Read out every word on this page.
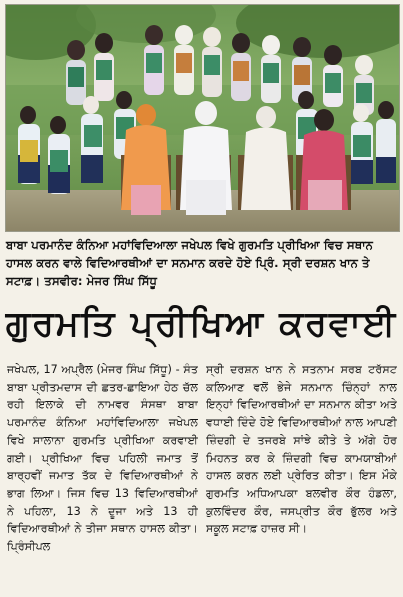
ਬਾਬਾ ਪਰਮਾਨੰਦ ਕੰਨਿਆ ਮਹਾਂਵਿਦਿਆਲਾ ਜਖੇਪਲ ਵਿਖੇ ਗੁਰਮਤਿ ਪ੍ਰੀਖਿਆ ਵਿਚ ਸਥਾਨ ਹਾਸਲ ਕਰਨ ਵਾਲੇ ਵਿਦਿਆਰਥੀਆਂ ਦਾ ਸਨਮਾਨ ਕਰਦੇ ਹੋਏ ਪ੍ਰਿੰ. ਸ੍ਰੀ ਦਰਸ਼ਨ ਖਾਨ ਤੇ ਸਟਾਫ਼। ਤਸਵੀਰ: ਮੇਜਰ ਸਿੰਘ ਸਿੱਧੂ
ਗੁਰਮਤਿ ਪ੍ਰੀਖਿਆ ਕਰਵਾਈ

ਜਖੇਪਲ, 17 ਅਪ੍ਰੈਲ (ਮੇਜਰ ਸਿੰਘ ਸਿੱਧੂ) - ਸੰਤ ਬਾਬਾ ਪ੍ਰੀਤਮਦਾਸ ਦੀ ਛਤਰ-ਛਾਇਆ ਹੇਠ ਚੱਲ ਰਹੀ ਇਲਾਕੇ ਦੀ ਨਾਮਵਰ ਸੰਸਥਾ ਬਾਬਾ ਪਰਮਾਨੰਦ ਕੰਨਿਆ ਮਹਾਂਵਿਦਿਆਲਾ ਜਖੇਪਲ ਵਿਖੇ ਸਾਲਾਨਾ ਗੁਰਮਤਿ ਪ੍ਰੀਖਿਆ ਕਰਵਾਈ ਗਈ। ਪ੍ਰੀਖਿਆ ਵਿਚ ਪਹਿਲੀ ਜਮਾਤ ਤੋਂ ਬਾਰ੍ਹਵੀਂ ਜਮਾਤ ਤੱਕ ਦੇ ਵਿਦਿਆਰਥੀਆਂ ਨੇ ਭਾਗ ਲਿਆ। ਜਿਸ ਵਿਚ 13 ਵਿਦਿਆਰਥੀਆਂ ਨੇ ਪਹਿਲਾ, 13 ਨੇ ਦੂਜਾ ਅਤੇ 13 ਹੀ ਵਿਦਿਆਰਥੀਆਂ ਨੇ ਤੀਜਾ ਸਥਾਨ ਹਾਸਲ ਕੀਤਾ। ਪ੍ਰਿੰਸੀਪਲ

ਸ੍ਰੀ ਦਰਸ਼ਨ ਖਾਨ ਨੇ ਸਤਨਾਮ ਸਰਬ ਟਰੱਸਟ ਕਲਿਆਣ ਵਲੋਂ ਭੇਜੇ ਸਨਮਾਨ ਚਿੰਨ੍ਹਾਂ ਨਾਲ ਇਨ੍ਹਾਂ ਵਿਦਿਆਰਥੀਆਂ ਦਾ ਸਨਮਾਨ ਕੀਤਾ ਅਤੇ ਵਧਾਈ ਦਿੰਦੇ ਹੋਏ ਵਿਦਿਆਰਥੀਆਂ ਨਾਲ ਆਪਣੀ ਜ਼ਿੰਦਗੀ ਦੇ ਤਜਰਬੇ ਸਾਂਝੇ ਕੀਤੇ ਤੇ ਅੱਗੇ ਹੋਰ ਮਿਹਨਤ ਕਰ ਕੇ ਜ਼ਿੰਦਗੀ ਵਿਚ ਕਾਮਯਾਬੀਆਂ ਹਾਸਲ ਕਰਨ ਲਈ ਪ੍ਰੇਰਿਤ ਕੀਤਾ। ਇਸ ਮੌਕੇ ਗੁਰਮਤਿ ਅਧਿਆਪਕਾ ਬਲਵੀਰ ਕੌਰ ਹੰਡਲਾ, ਕੁਲਵਿੰਦਰ ਕੌਰ, ਜਸਪ੍ਰੀਤ ਕੌਰ ਭੁੱਲਰ ਅਤੇ ਸਕੂਲ ਸਟਾਫ਼ ਹਾਜ਼ਰ ਸੀ।
